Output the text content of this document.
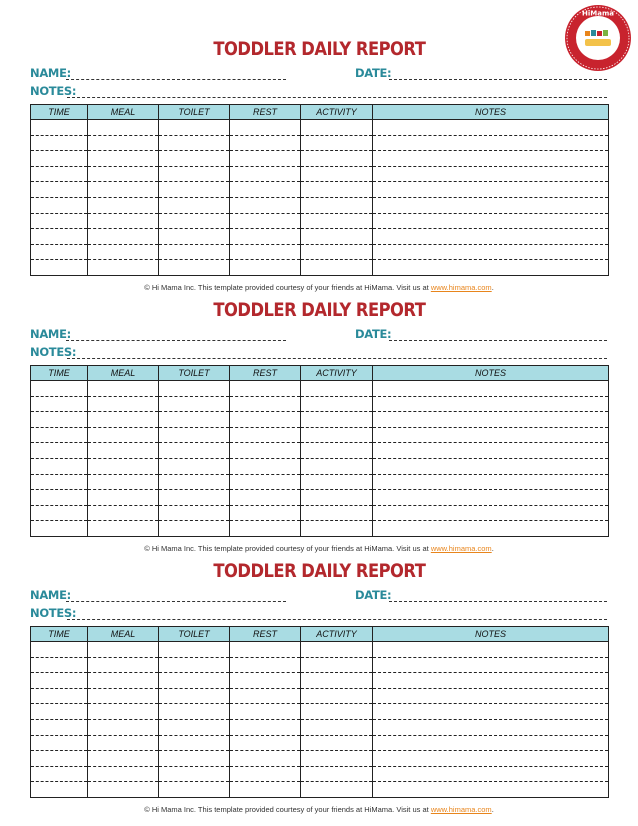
HiMama
TODDLER DAILY REPORT
NAME:	DATE:
NOTES:
TIME	MEAL	TOILET	REST	ACTIVITY	NOTES

© Hi Mama Inc. This template provided courtesy of your friends at HiMama. Visit us at www.himama.com.
TODDLER DAILY REPORT
NAME:	DATE:
NOTES:
TIME	MEAL	TOILET	REST	ACTIVITY	NOTES

© Hi Mama Inc. This template provided courtesy of your friends at HiMama. Visit us at www.himama.com.
TODDLER DAILY REPORT
NAME:	DATE:
NOTES:
TIME	MEAL	TOILET	REST	ACTIVITY	NOTES

© Hi Mama Inc. This template provided courtesy of your friends at HiMama. Visit us at www.himama.com.
